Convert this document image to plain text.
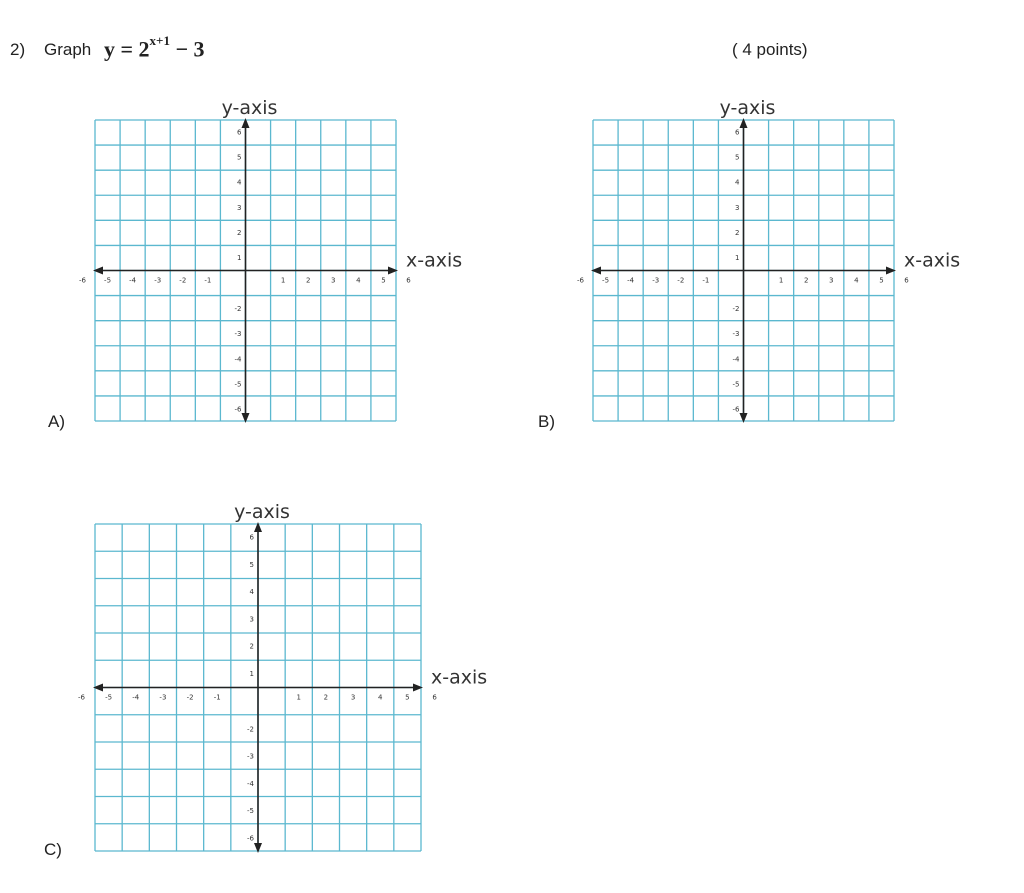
2) Graph $y = 2^{x+1} - 3$	( 4 points)
A)	B)
C)
-6	-5	-4	-3	-2	-1	1	2	3	4	5	6
6
5
4
3
2
1
-2
-3
-4
-5
-6
y-axis
x-axis
-6	-5	-4	-3	-2	-1	1	2	3	4	5	6
6
5
4
3
2
1
-2
-3
-4
-5
-6
y-axis
x-axis
-6	-5	-4	-3	-2	-1	1	2	3	4	5	6
6
5
4
3
2
1
-2
-3
-4
-5
-6
y-axis
x-axis
